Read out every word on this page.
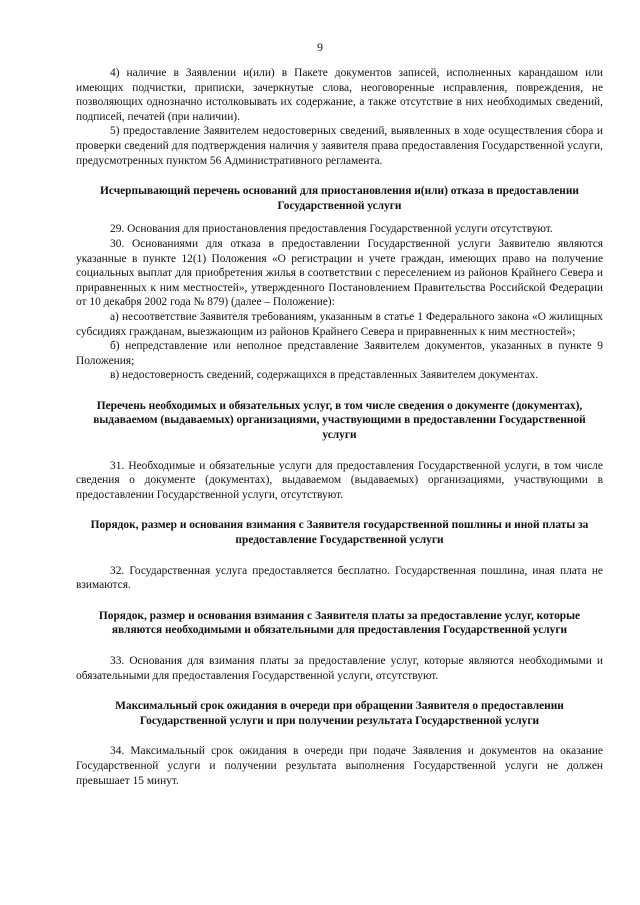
9

4) наличие в Заявлении и(или) в Пакете документов записей, исполненных карандашом или имеющих подчистки, приписки, зачеркнутые слова, неоговоренные исправления, повреждения, не позволяющих однозначно истолковывать их содержание, а также отсутствие в них необходимых сведений, подписей, печатей (при наличии).

5) предоставление Заявителем недостоверных сведений, выявленных в ходе осуществления сбора и проверки сведений для подтверждения наличия у заявителя права предоставления Государственной услуги, предусмотренных пунктом 56 Административного регламента.

Исчерпывающий перечень оснований для приостановления и(или) отказа в предоставлении Государственной услуги

29. Основания для приостановления предоставления Государственной услуги отсутствуют.

30. Основаниями для отказа в предоставлении Государственной услуги Заявителю являются указанные в пункте 12(1) Положения «О регистрации и учете граждан, имеющих право на получение социальных выплат для приобретения жилья в соответствии с переселением из районов Крайнего Севера и приравненных к ним местностей», утвержденного Постановлением Правительства Российской Федерации от 10 декабря 2002 года № 879) (далее – Положение):

а) несоответствие Заявителя требованиям, указанным в статье 1 Федерального закона «О жилищных субсидиях гражданам, выезжающим из районов Крайнего Севера и приравненных к ним местностей»;

б) непредставление или неполное представление Заявителем документов, указанных в пункте 9 Положения;

в) недостоверность сведений, содержащихся в представленных Заявителем документах.

Перечень необходимых и обязательных услуг, в том числе сведения о документе (документах), выдаваемом (выдаваемых) организациями, участвующими в предоставлении Государственной услуги

31. Необходимые и обязательные услуги для предоставления Государственной услуги, в том числе сведения о документе (документах), выдаваемом (выдаваемых) организациями, участвующими в предоставлении Государственной услуги, отсутствуют.

Порядок, размер и основания взимания с Заявителя государственной пошлины и иной платы за предоставление Государственной услуги

32. Государственная услуга предоставляется бесплатно. Государственная пошлина, иная плата не взимаются.

Порядок, размер и основания взимания с Заявителя платы за предоставление услуг, которые являются необходимыми и обязательными для предоставления Государственной услуги

33. Основания для взимания платы за предоставление услуг, которые являются необходимыми и обязательными для предоставления Государственной услуги, отсутствуют.

Максимальный срок ожидания в очереди при обращении Заявителя о предоставлении Государственной услуги и при получении результата Государственной услуги

34. Максимальный срок ожидания в очереди при подаче Заявления и документов на оказание Государственной услуги и получении результата выполнения Государственной услуги не должен превышает 15 минут.
